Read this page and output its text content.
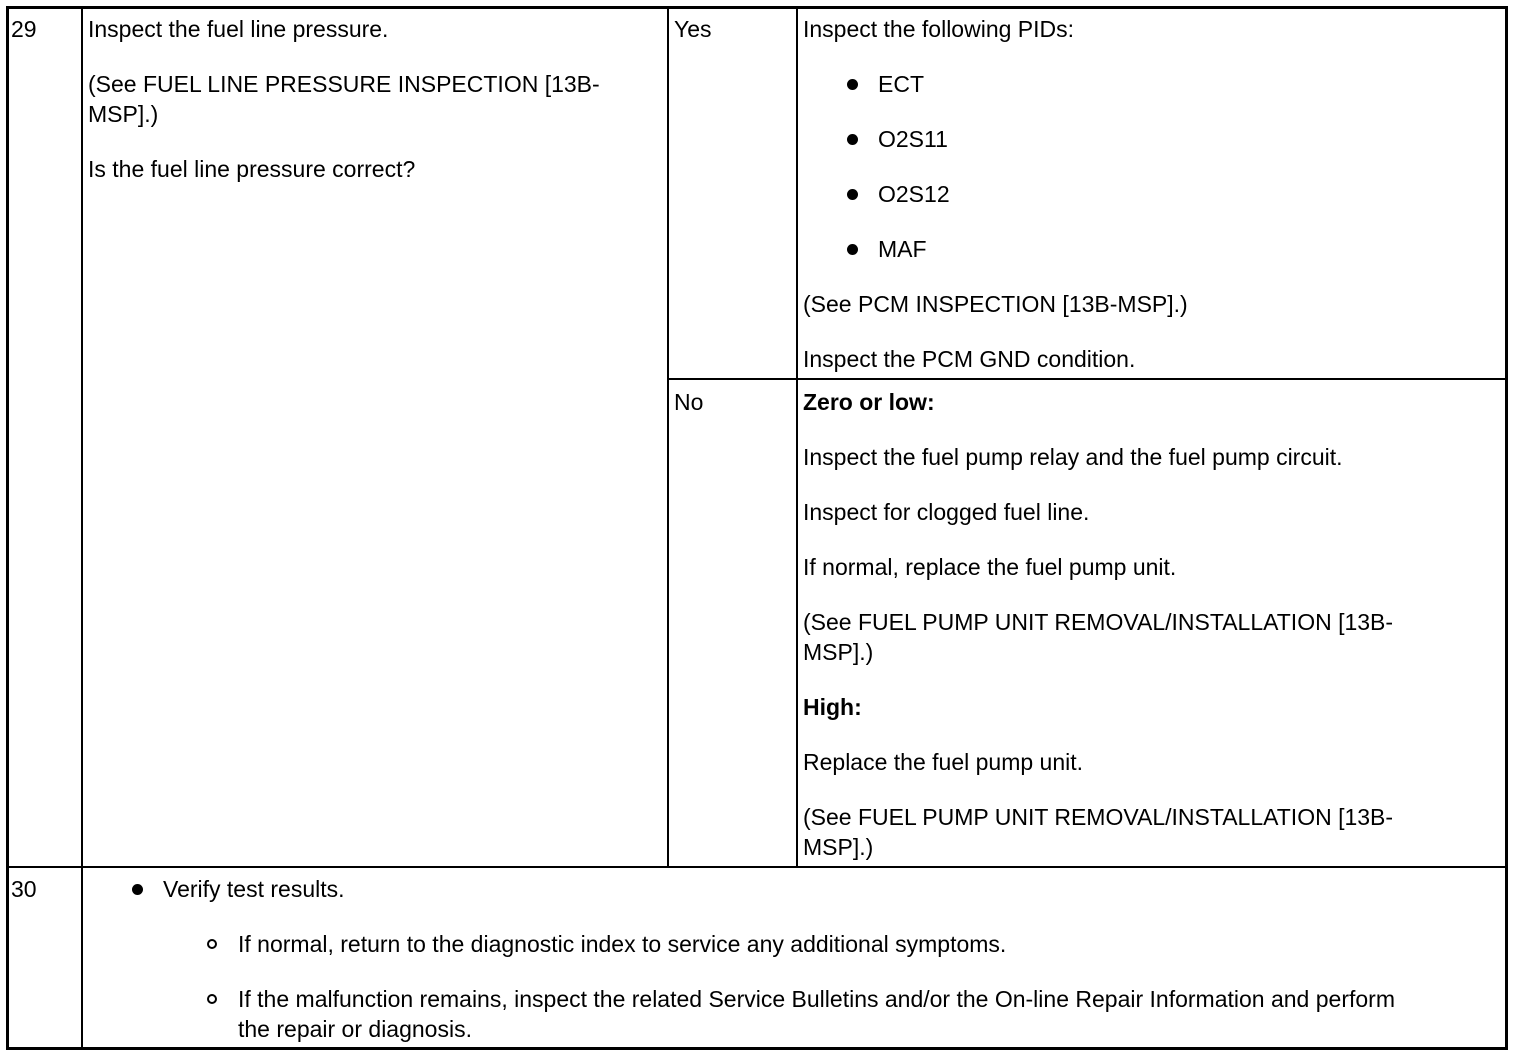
29 Inspect the fuel line pressure.

(See FUEL LINE PRESSURE INSPECTION [13B-MSP].)

Is the fuel line pressure correct?

Yes	Inspect the following PIDs:

ECT
O2S11
O2S12
MAF

(See PCM INSPECTION [13B-MSP].)

Inspect the PCM GND condition.

No	Zero or low:

Inspect the fuel pump relay and the fuel pump circuit.

Inspect for clogged fuel line.

If normal, replace the fuel pump unit.

(See FUEL PUMP UNIT REMOVAL/INSTALLATION [13B-MSP].)

High:

Replace the fuel pump unit.

(See FUEL PUMP UNIT REMOVAL/INSTALLATION [13B-MSP].)

30	Verify test results.
If normal, return to the diagnostic index to service any additional symptoms.
If the malfunction remains, inspect the related Service Bulletins and/or the On-line Repair Information and perform the repair or diagnosis.
